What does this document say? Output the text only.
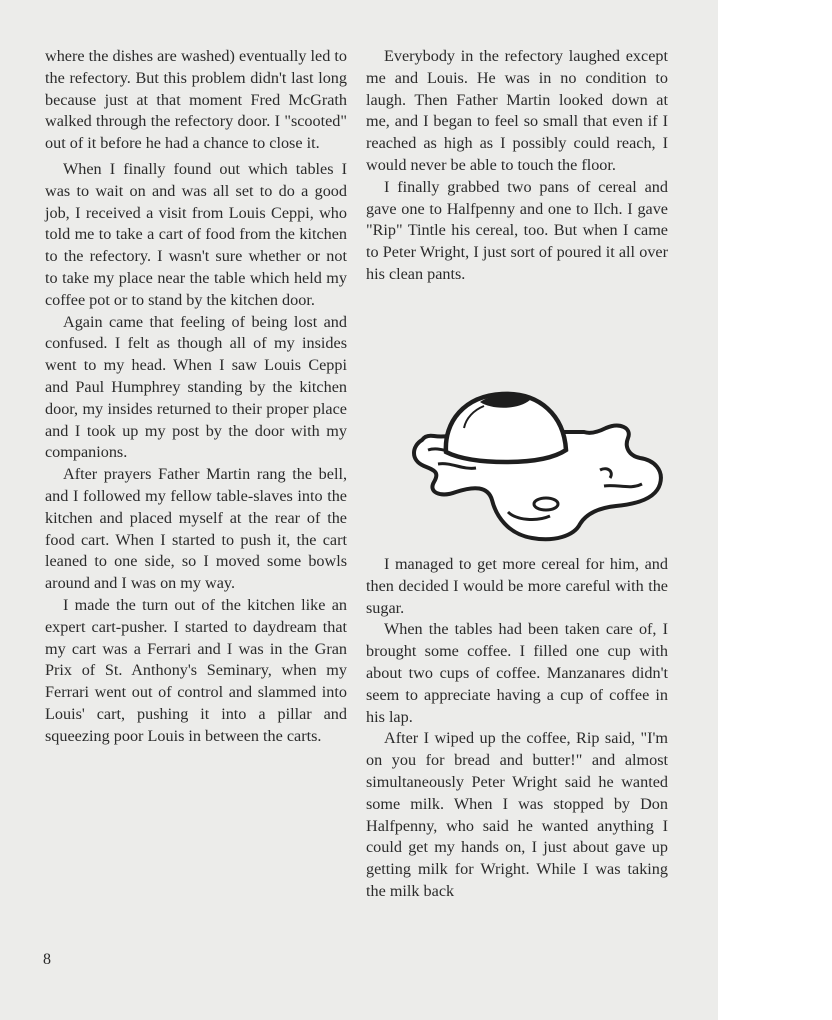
where the dishes are washed) eventually led to the refectory. But this problem didn't last long because just at that moment Fred McGrath walked through the refectory door. I "scooted" out of it before he had a chance to close it.

When I finally found out which tables I was to wait on and was all set to do a good job, I received a visit from Louis Ceppi, who told me to take a cart of food from the kitchen to the refectory. I wasn't sure whether or not to take my place near the table which held my coffee pot or to stand by the kitchen door.

Again came that feeling of being lost and confused. I felt as though all of my insides went to my head. When I saw Louis Ceppi and Paul Humphrey standing by the kitchen door, my insides returned to their proper place and I took up my post by the door with my companions.

After prayers Father Martin rang the bell, and I followed my fellow table-slaves into the kitchen and placed myself at the rear of the food cart. When I started to push it, the cart leaned to one side, so I moved some bowls around and I was on my way.

I made the turn out of the kitchen like an expert cart-pusher. I started to daydream that my cart was a Ferrari and I was in the Gran Prix of St. Anthony's Seminary, when my Ferrari went out of control and slammed into Louis' cart, pushing it into a pillar and squeezing poor Louis in between the carts.

Everybody in the refectory laughed except me and Louis. He was in no condition to laugh. Then Father Martin looked down at me, and I began to feel so small that even if I reached as high as I possibly could reach, I would never be able to touch the floor.

I finally grabbed two pans of cereal and gave one to Halfpenny and one to Ilch. I gave "Rip" Tintle his cereal, too. But when I came to Peter Wright, I just sort of poured it all over his clean pants.

I managed to get more cereal for him, and then decided I would be more careful with the sugar.

When the tables had been taken care of, I brought some coffee. I filled one cup with about two cups of coffee. Manzanares didn't seem to appreciate having a cup of coffee in his lap.

After I wiped up the coffee, Rip said, "I'm on you for bread and butter!" and almost simultaneously Peter Wright said he wanted some milk. When I was stopped by Don Halfpenny, who said he wanted anything I could get my hands on, I just about gave up getting milk for Wright. While I was taking the milk back

8
